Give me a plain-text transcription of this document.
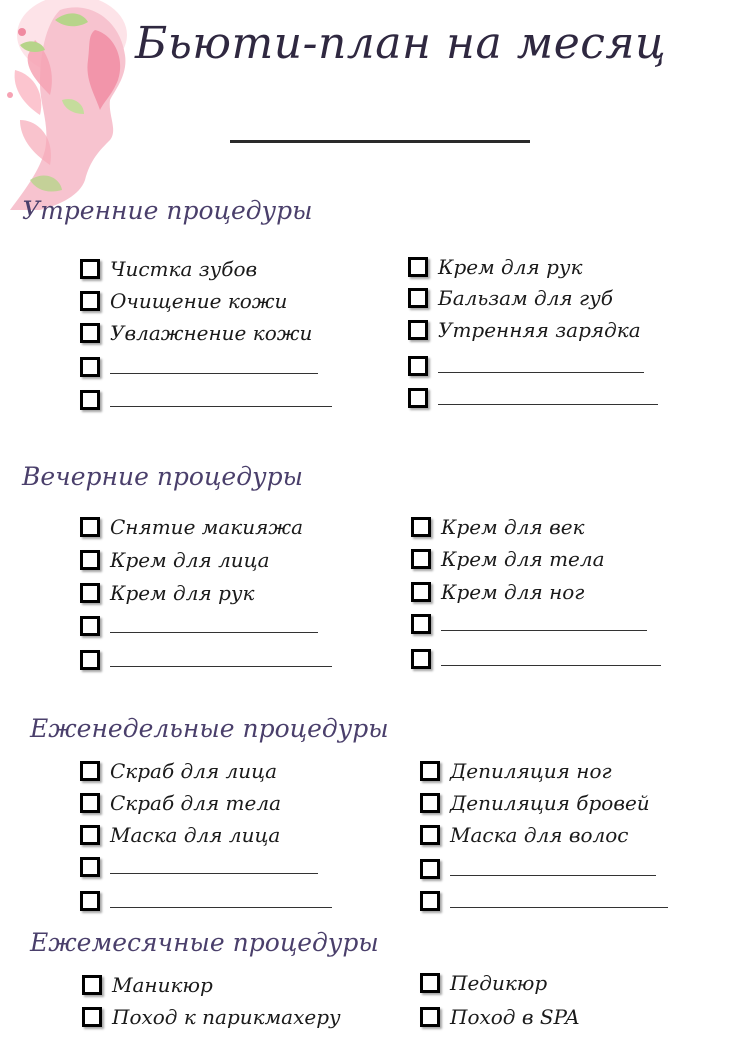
Бьюти-план на месяц
Утренние процедуры
Чистка зубов
Очищение кожи
Увлажнение кожи
Крем для рук
Бальзам для губ
Утренняя зарядка
Вечерние процедуры
Снятие макияжа
Крем для лица
Крем для рук
Крем для век
Крем для тела
Крем для ног
Еженедельные процедуры
Скраб для лица
Скраб для тела
Маска для лица
Депиляция ног
Депиляция бровей
Маска для волос
Ежемесячные процедуры
Маникюр
Поход к парикмахеру
Педикюр
Поход в SPA
